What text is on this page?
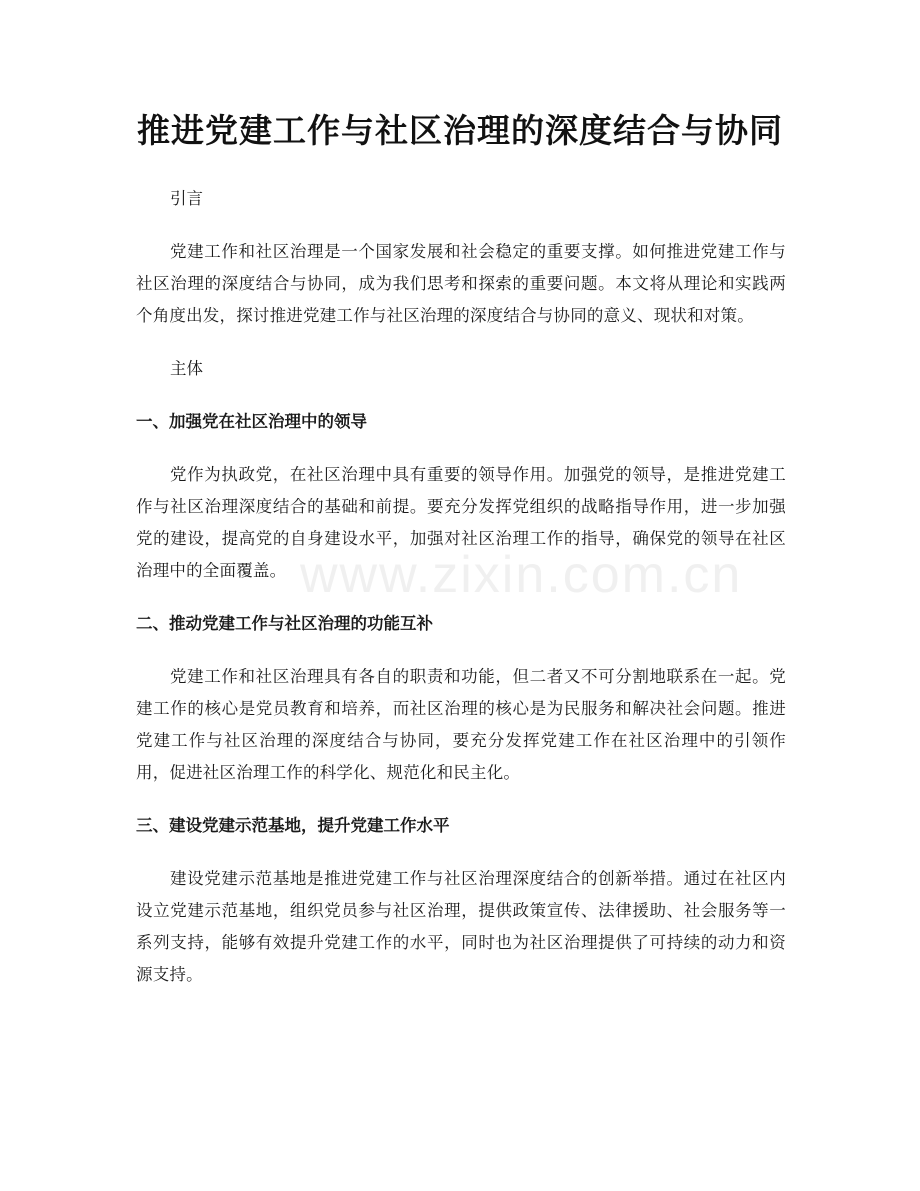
推进党建工作与社区治理的深度结合与协同

引言

党建工作和社区治理是一个国家发展和社会稳定的重要支撑。如何推进党建工作与社区治理的深度结合与协同，成为我们思考和探索的重要问题。本文将从理论和实践两个角度出发，探讨推进党建工作与社区治理的深度结合与协同的意义、现状和对策。

主体

一、加强党在社区治理中的领导

党作为执政党，在社区治理中具有重要的领导作用。加强党的领导，是推进党建工作与社区治理深度结合的基础和前提。要充分发挥党组织的战略指导作用，进一步加强党的建设，提高党的自身建设水平，加强对社区治理工作的指导，确保党的领导在社区治理中的全面覆盖。

二、推动党建工作与社区治理的功能互补

党建工作和社区治理具有各自的职责和功能，但二者又不可分割地联系在一起。党建工作的核心是党员教育和培养，而社区治理的核心是为民服务和解决社会问题。推进党建工作与社区治理的深度结合与协同，要充分发挥党建工作在社区治理中的引领作用，促进社区治理工作的科学化、规范化和民主化。

三、建设党建示范基地，提升党建工作水平

建设党建示范基地是推进党建工作与社区治理深度结合的创新举措。通过在社区内设立党建示范基地，组织党员参与社区治理，提供政策宣传、法律援助、社会服务等一系列支持，能够有效提升党建工作的水平，同时也为社区治理提供了可持续的动力和资源支持。

www.zixin.com.cn
